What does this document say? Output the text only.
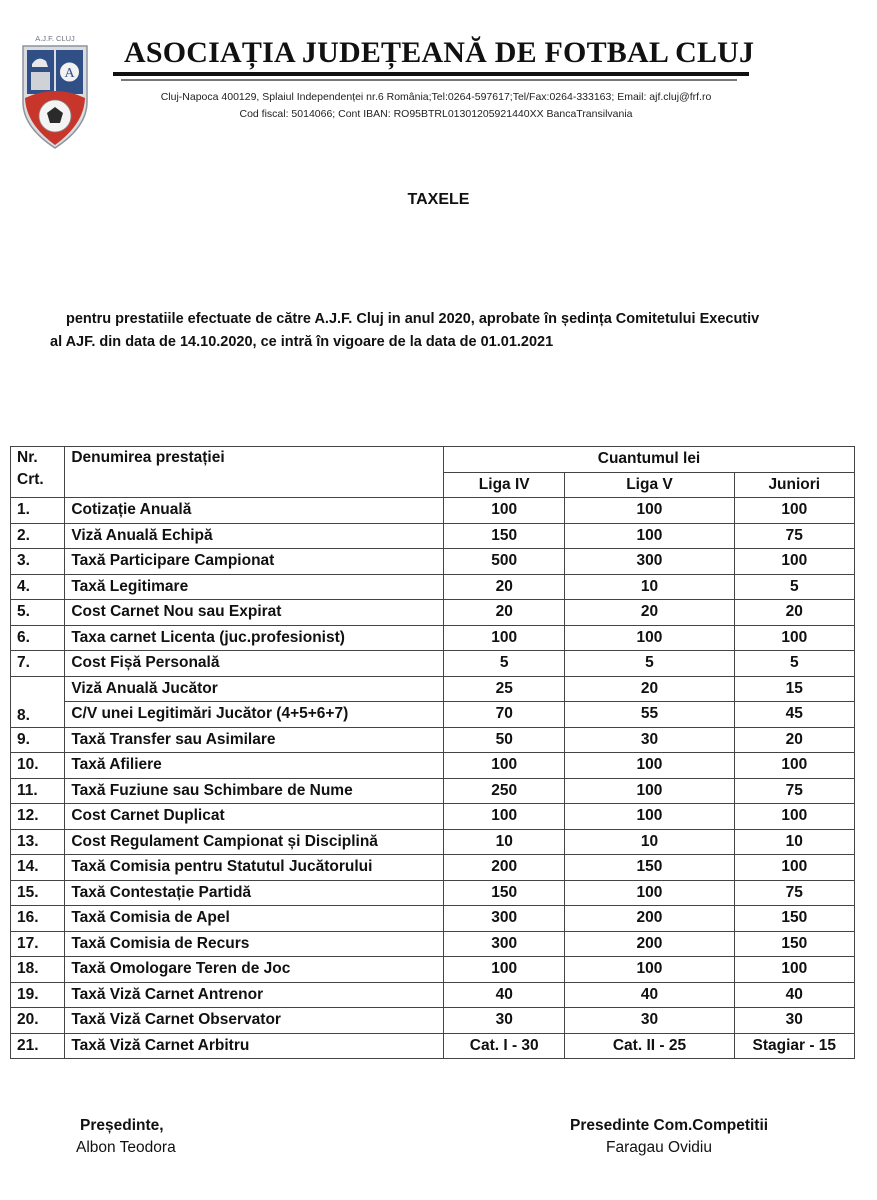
A.J.F. CLUJ
A
ASOCIAȚIA JUDEȚEANĂ DE FOTBAL CLUJ
Cluj-Napoca 400129, Splaiul Independenței nr.6 România;Tel:0264-597617;Tel/Fax:0264-333163; Email: ajf.cluj@frf.ro
Cod fiscal: 5014066; Cont IBAN: RO95BTRL01301205921440XX BancaTransilvania
TAXELE
pentru prestatiile efectuate de către A.J.F. Cluj in anul 2020, aprobate în ședința Comitetului Executiv
al AJF. din data de 14.10.2020, ce intră în vigoare de la data de 01.01.2021
Nr.
Crt.	Denumirea prestației	Cuantumul lei		
		Liga IV	Liga V	Juniori
1.	Cotizație Anuală	100	100	100
2.	Viză Anuală Echipă	150	100	75
3.	Taxă Participare Campionat	500	300	100
4.	Taxă Legitimare	20	10	5
5.	Cost Carnet Nou sau Expirat	20	20	20
6.	Taxa carnet Licenta (juc.profesionist)	100	100	100
7.	Cost Fișă Personală	5	5	5
8.	Viză Anuală Jucător	25	20	15
	C/V unei Legitimări Jucător (4+5+6+7)	70	55	45
9.	Taxă Transfer sau Asimilare	50	30	20
10.	Taxă Afiliere	100	100	100
11.	Taxă Fuziune sau Schimbare de Nume	250	100	75
12.	Cost Carnet Duplicat	100	100	100
13.	Cost Regulament Campionat și Disciplină	10	10	10
14.	Taxă Comisia pentru Statutul Jucătorului	200	150	100
15.	Taxă Contestație Partidă	150	100	75
16.	Taxă Comisia de Apel	300	200	150
17.	Taxă Comisia de Recurs	300	200	150
18.	Taxă Omologare Teren de Joc	100	100	100
19.	Taxă Viză Carnet Antrenor	40	40	40
20.	Taxă Viză Carnet Observator	30	30	30
21.	Taxă Viză Carnet Arbitru	Cat. I - 30	Cat. II - 25	Stagiar - 15
Președinte,
Albon Teodora
Presedinte Com.Competitii
Faragau Ovidiu
